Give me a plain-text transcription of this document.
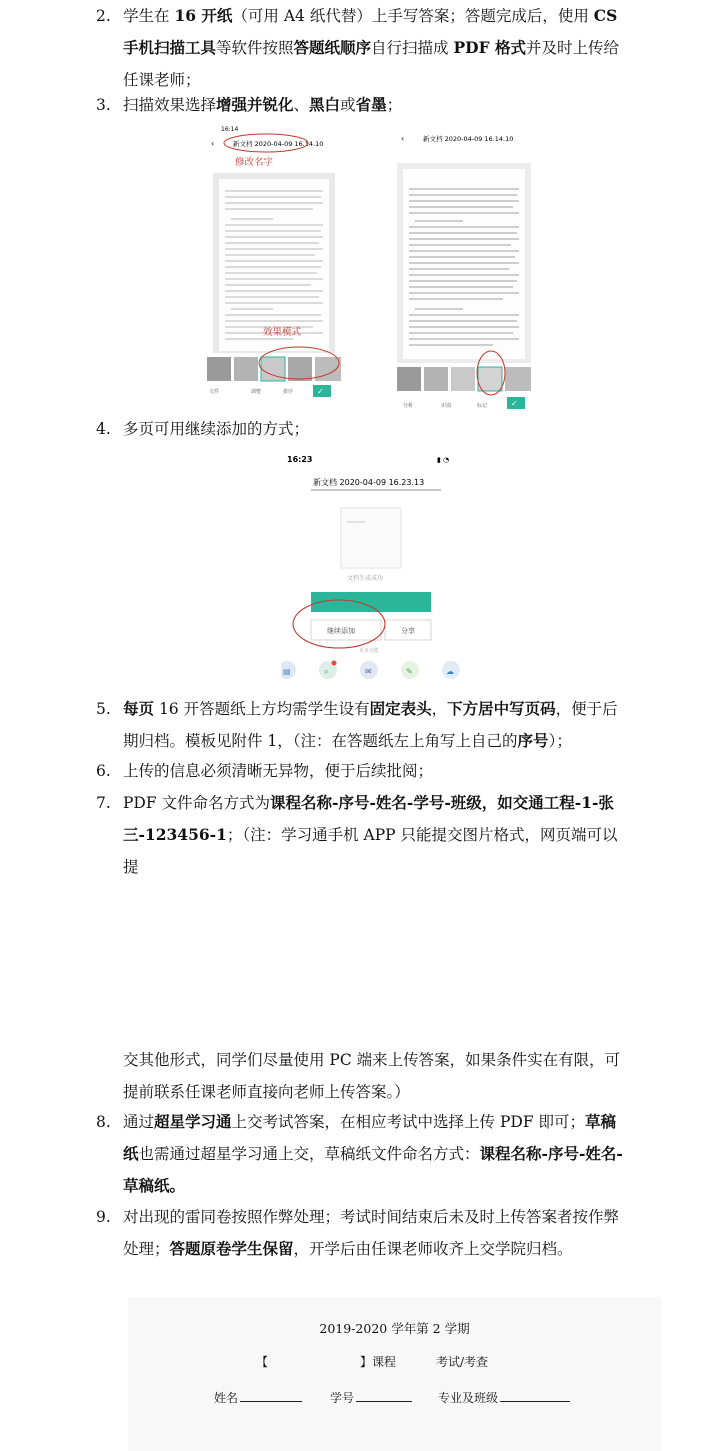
2. 学生在 16 开纸（可用 A4 纸代替）上手写答案；答题完成后，使用 CS 手机扫描工具等软件按照答题纸顺序自行扫描成 PDF 格式并及时上传给任课老师；
3. 扫描效果选择增强并锐化、黑白或省墨；
16:14
‹	新文档 2020-04-09 16.14.10
修改名字
效果模式
文件	调整	排序	✓
‹	新文档 2020-04-09 16.14.10
分析	识别	标记	✓
4. 多页可用继续添加的方式；
16:23	▮ ◔
新文档 2020-04-09 16.23.13
文档生成成功
继续添加	分享
更多功能
▤	⌕	✉	✎	☁
5. 每页 16 开答题纸上方均需学生设有固定表头，下方居中写页码，便于后期归档。模板见附件 1，（注：在答题纸左上角写上自己的序号）；
6. 上传的信息必须清晰无异物，便于后续批阅；
7. PDF 文件命名方式为课程名称-序号-姓名-学号-班级，如交通工程-1-张三-123456-1；（注：学习通手机 APP 只能提交图片格式，网页端可以提
交其他形式，同学们尽量使用 PC 端来上传答案，如果条件实在有限，可提前联系任课老师直接向老师上传答案。）
8. 通过超星学习通上交考试答案，在相应考试中选择上传 PDF 即可；草稿纸也需通过超星学习通上交，草稿纸文件命名方式：课程名称-序号-姓名-草稿纸。
9. 对出现的雷同卷按照作弊处理；考试时间结束后未及时上传答案者按作弊处理；答题原卷学生保留，开学后由任课老师收齐上交学院归档。
2019-2020 学年第 2 学期
【	】课程	考试/考查
姓名	学号	专业及班级
